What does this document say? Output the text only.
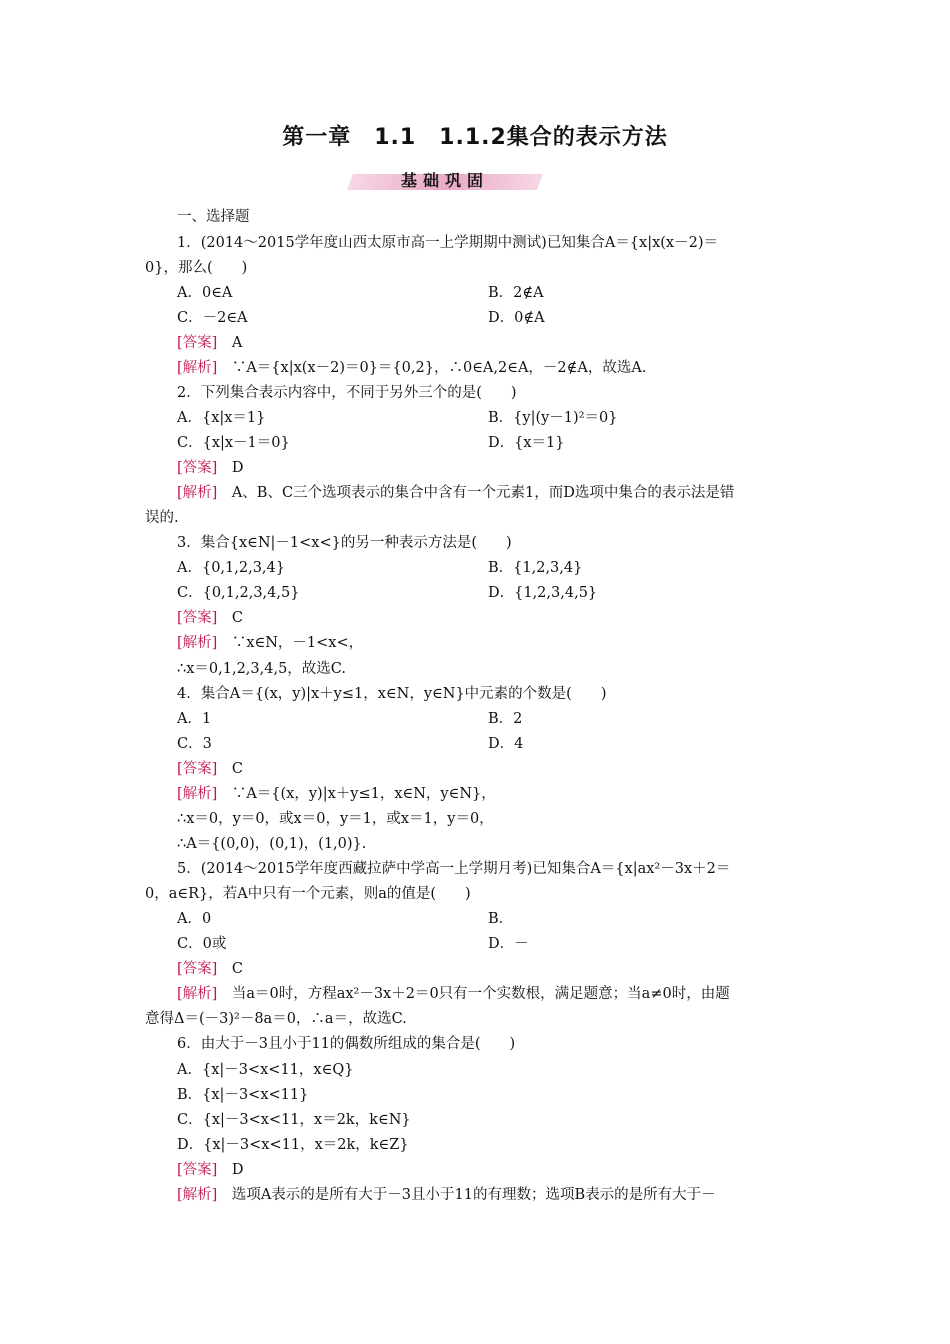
第一章　1.1　1.1.2集合的表示方法
基础巩固
一、选择题
1．(2014～2015学年度山西太原市高一上学期期中测试)已知集合A＝{x|x(x－2)＝
0}，那么(　　)
A．0∈A	B．2∉A
C．－2∈A	D．0∉A
[答案]　 A
[解析]　 ∵A＝{x|x(x－2)＝0}＝{0,2}，∴0∈A,2∈A，－2∉A，故选A.
2．下列集合表示内容中，不同于另外三个的是(　　)
A．{x|x＝1}	B．{y|(y－1)²＝0}
C．{x|x－1＝0}	D．{x＝1}
[答案]　 D
[解析]　 A、B、C三个选项表示的集合中含有一个元素1，而D选项中集合的表示法是错
误的.
3．集合{x∈N|－1<x<}的另一种表示方法是(　　)
A．{0,1,2,3,4}	B．{1,2,3,4}
C．{0,1,2,3,4,5}	D．{1,2,3,4,5}
[答案]　 C
[解析]　 ∵x∈N，－1<x<，
∴x＝0,1,2,3,4,5，故选C.
4．集合A＝{(x，y)|x＋y≤1，x∈N，y∈N}中元素的个数是(　　)
A．1	B．2
C．3	D．4
[答案]　 C
[解析]　 ∵A＝{(x，y)|x＋y≤1，x∈N，y∈N}，
∴x＝0，y＝0，或x＝0，y＝1，或x＝1，y＝0，
∴A＝{(0,0)，(0,1)，(1,0)}.
5．(2014～2015学年度西藏拉萨中学高一上学期月考)已知集合A＝{x|ax²－3x＋2＝
0，a∈R}，若A中只有一个元素，则a的值是(　　)
A．0	B．
C．0或	D．－
[答案]　 C
[解析]　 当a＝0时，方程ax²－3x＋2＝0只有一个实数根，满足题意；当a≠0时，由题
意得Δ＝(－3)²－8a＝0，∴a＝，故选C.
6．由大于－3且小于11的偶数所组成的集合是(　　)
A．{x|－3<x<11，x∈Q}
B．{x|－3<x<11}
C．{x|－3<x<11，x＝2k，k∈N}
D．{x|－3<x<11，x＝2k，k∈Z}
[答案]　 D
[解析]　 选项A表示的是所有大于－3且小于11的有理数；选项B表示的是所有大于－
